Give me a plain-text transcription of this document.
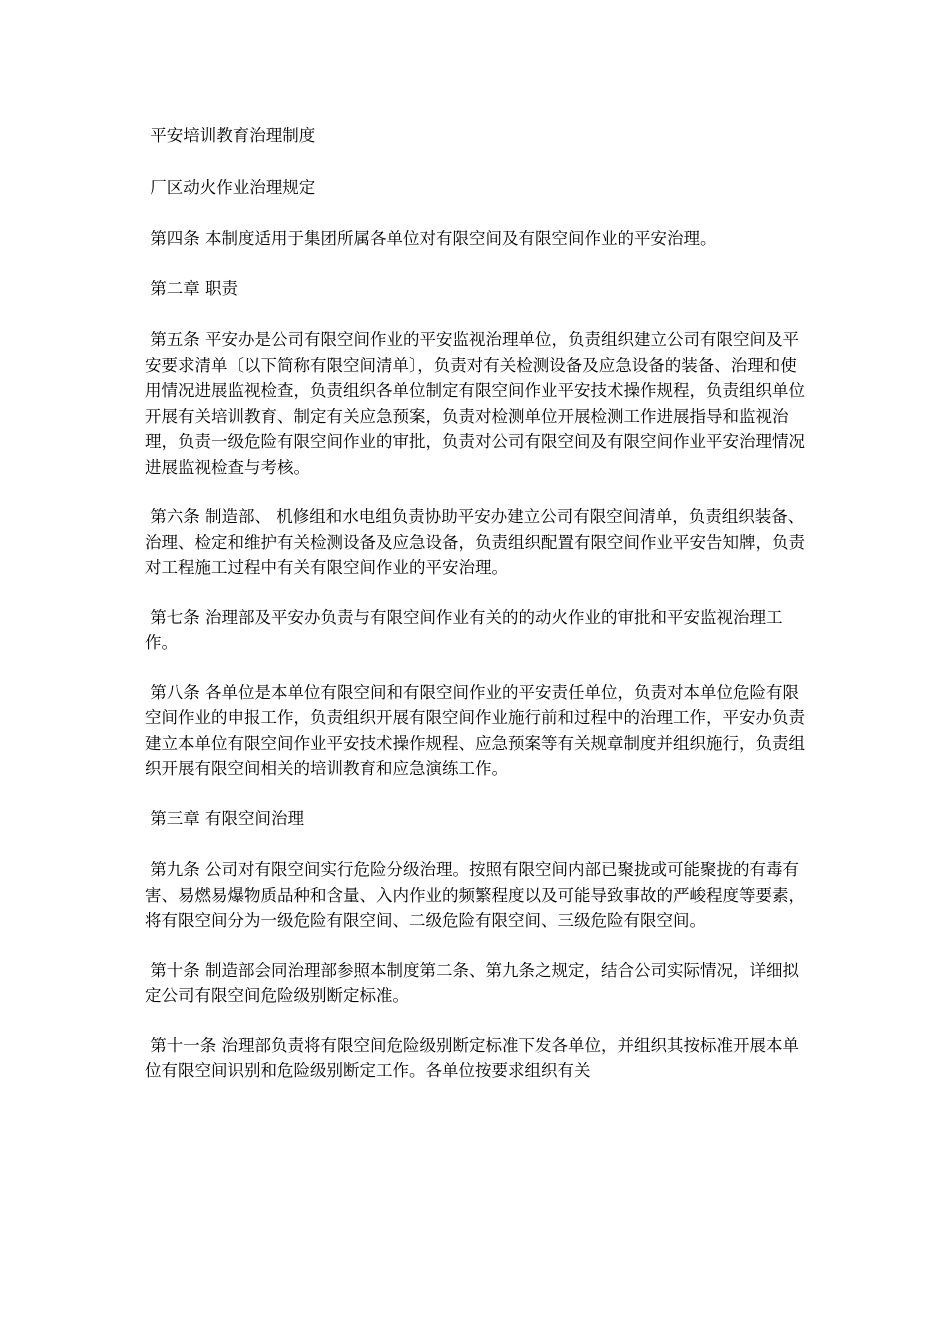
平安培训教育治理制度

厂区动火作业治理规定

第四条 本制度适用于集团所属各单位对有限空间及有限空间作业的平安治理。

第二章 职责

第五条 平安办是公司有限空间作业的平安监视治理单位，负责组织建立公司有限空间及平安要求清单〔以下简称有限空间清单〕，负责对有关检测设备及应急设备的装备、治理和使用情况进展监视检查，负责组织各单位制定有限空间作业平安技术操作规程，负责组织单位开展有关培训教育、制定有关应急预案，负责对检测单位开展检测工作进展指导和监视治理，负责一级危险有限空间作业的审批，负责对公司有限空间及有限空间作业平安治理情况进展监视检查与考核。

第六条 制造部、 机修组和水电组负责协助平安办建立公司有限空间清单，负责组织装备、治理、检定和维护有关检测设备及应急设备，负责组织配置有限空间作业平安告知牌，负责对工程施工过程中有关有限空间作业的平安治理。

第七条 治理部及平安办负责与有限空间作业有关的的动火作业的审批和平安监视治理工作。

第八条 各单位是本单位有限空间和有限空间作业的平安责任单位，负责对本单位危险有限空间作业的申报工作，负责组织开展有限空间作业施行前和过程中的治理工作，平安办负责建立本单位有限空间作业平安技术操作规程、应急预案等有关规章制度并组织施行，负责组织开展有限空间相关的培训教育和应急演练工作。

第三章 有限空间治理

第九条 公司对有限空间实行危险分级治理。按照有限空间内部已聚拢或可能聚拢的有毒有害、易燃易爆物质品种和含量、入内作业的频繁程度以及可能导致事故的严峻程度等要素，将有限空间分为一级危险有限空间、二级危险有限空间、三级危险有限空间。

第十条 制造部会同治理部参照本制度第二条、第九条之规定，结合公司实际情况，详细拟定公司有限空间危险级别断定标准。

第十一条 治理部负责将有限空间危险级别断定标准下发各单位，并组织其按标准开展本单位有限空间识别和危险级别断定工作。各单位按要求组织有关
